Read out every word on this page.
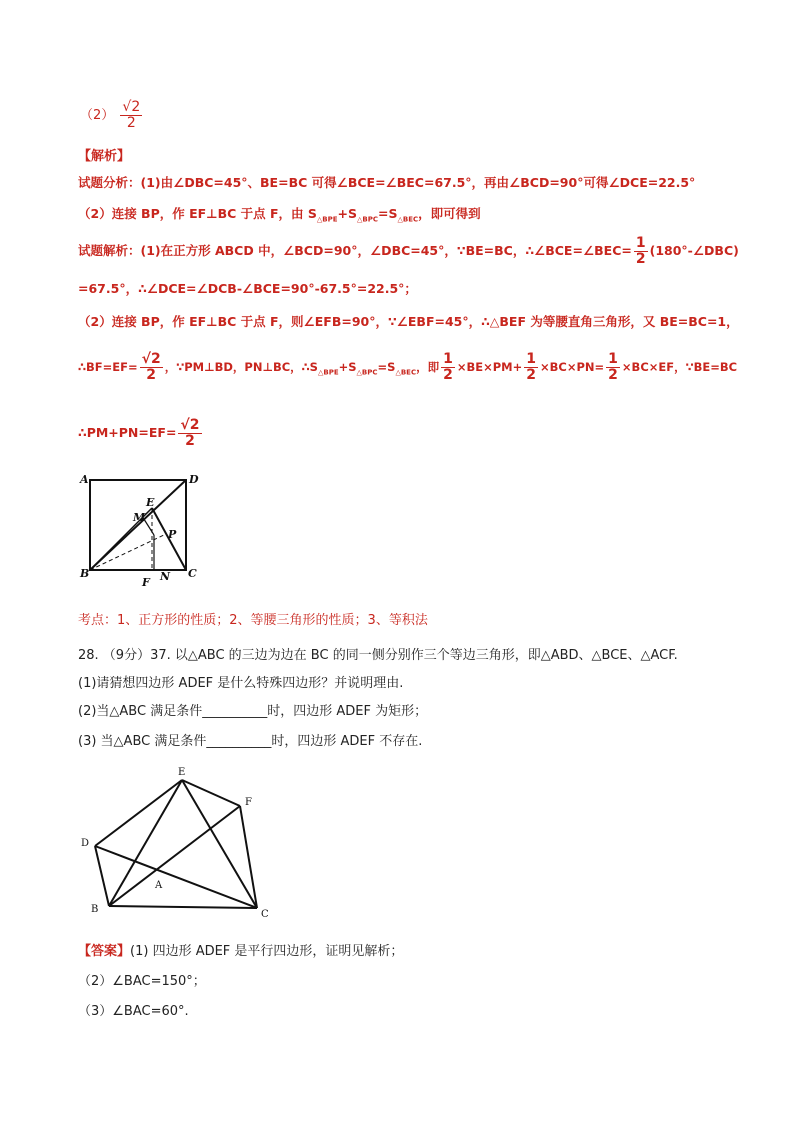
$(2) \frac{√2}{2}$
【解析】
试题分析：(1)由∠DBC=45°、BE=BC 可得∠BCE=∠BEC=67.5°，再由∠BCD=90°可得∠DCE=22.5°
（2）连接 BP，作 EF⊥BC 于点 F，由 $S_{\triangle BPE}+S_{\triangle BPC}=S_{\triangle BEC}$，即可得到
试题解析：(1)在正方形 ABCD 中，∠BCD=90°，∠DBC=45°，∵BE=BC，∴∠BCE=∠BEC= $\frac{1}{2}$ (180°-∠DBC)
=67.5°，∴∠DCE=∠DCB-∠BCE=90°-67.5°=22.5°；
（2）连接 BP，作 EF⊥BC 于点 F，则∠EFB=90°，∵∠EBF=45°，∴△BEF 为等腰直角三角形，又 BE=BC=1，
∴BF=EF= $\frac{√2}{2}$ ，∵PM⊥BD，PN⊥BC，$\therefore S_{\triangle BPE}+S_{\triangle BPC}=S_{\triangle BEC}$，即 $\frac{1}{2} \times BE\times PM+ \frac{1}{2} \times BC\times PN= \frac{1}{2} \times BC\times EF$，∵BE=BC
∴PM+PN=EF= $\frac{√2}{2}$
A	D
E
M
P
B	C
F N
考点：1、正方形的性质；2、等腰三角形的性质；3、等积法
28. （9分）37. 以△ABC 的三边为边在 BC 的同一侧分别作三个等边三角形，即△ABD、△BCE、△ACF.
(1)请猜想四边形 ADEF 是什么特殊四边形？并说明理由.
(2)当△ABC 满足条件__________时，四边形 ADEF 为矩形；
(3) 当△ABC 满足条件__________时，四边形 ADEF 不存在.
E
F
D
A
B	C
【答案】(1) 四边形 ADEF 是平行四边形，证明见解析；
（2）∠BAC=150°；
（3）∠BAC=60°.
